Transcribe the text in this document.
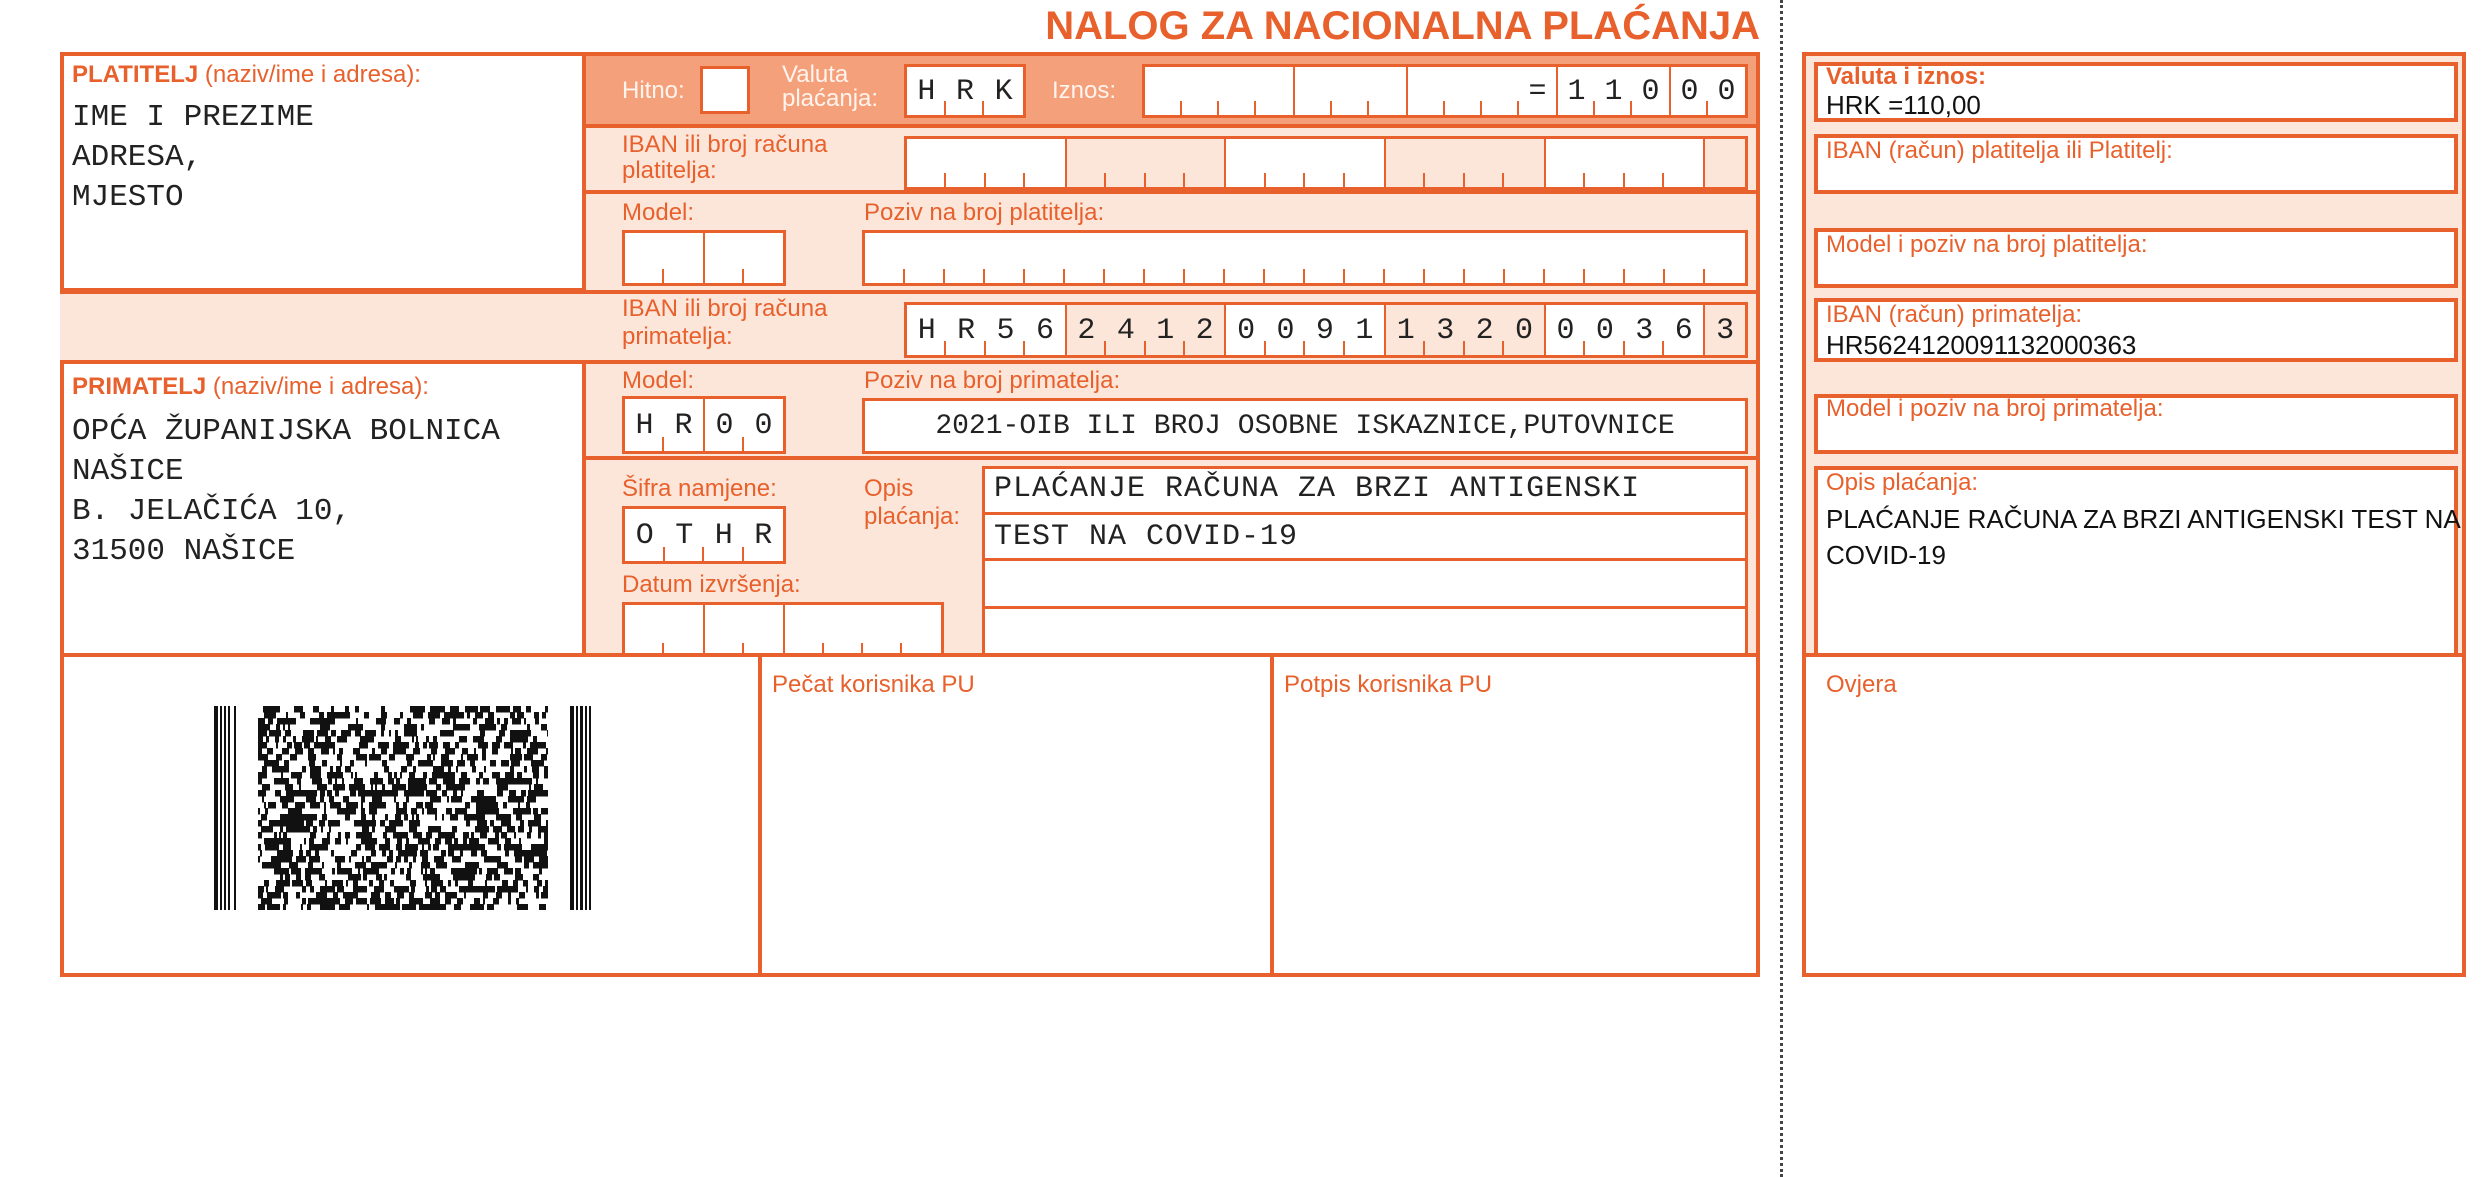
NALOG ZA NACIONALNA PLAĆANJA
PLATITELJ (naziv/ime i adresa):
IME I PREZIME
ADRESA,
MJESTO
Hitno:
Valuta
plaćanja:	H R K	Iznos:	= 1 1 0 0 0
IBAN ili broj računa
platitelja:
Model:	Poziv na broj platitelja:
IBAN ili broj računa
primatelja:	H R 5 6 2 4 1 2 0 0 9 1 1 3 2 0 0 0 3 6 3
PRIMATELJ (naziv/ime i adresa):
OPĆA ŽUPANIJSKA BOLNICA
NAŠICE
B. JELAČIĆA 10,
31500 NAŠICE
Model:
H R 0 0
Poziv na broj primatelja:
2021-OIB ILI BROJ OSOBNE ISKAZNICE,PUTOVNICE
Šifra namjene:
O T H R
Opis
plaćanja:
PLAĆANJE RAČUNA ZA BRZI ANTIGENSKI
TEST NA COVID-19
Datum izvršenja:
Pečat korisnika PU	Potpis korisnika PU
Valuta i iznos:
HRK =110,00
IBAN (račun) platitelja ili Platitelj:
Model i poziv na broj platitelja:
IBAN (račun) primatelja:
HR5624120091132000363
Model i poziv na broj primatelja:
Opis plaćanja:
PLAĆANJE RAČUNA ZA BRZI ANTIGENSKI TEST NA
COVID-19
Ovjera
